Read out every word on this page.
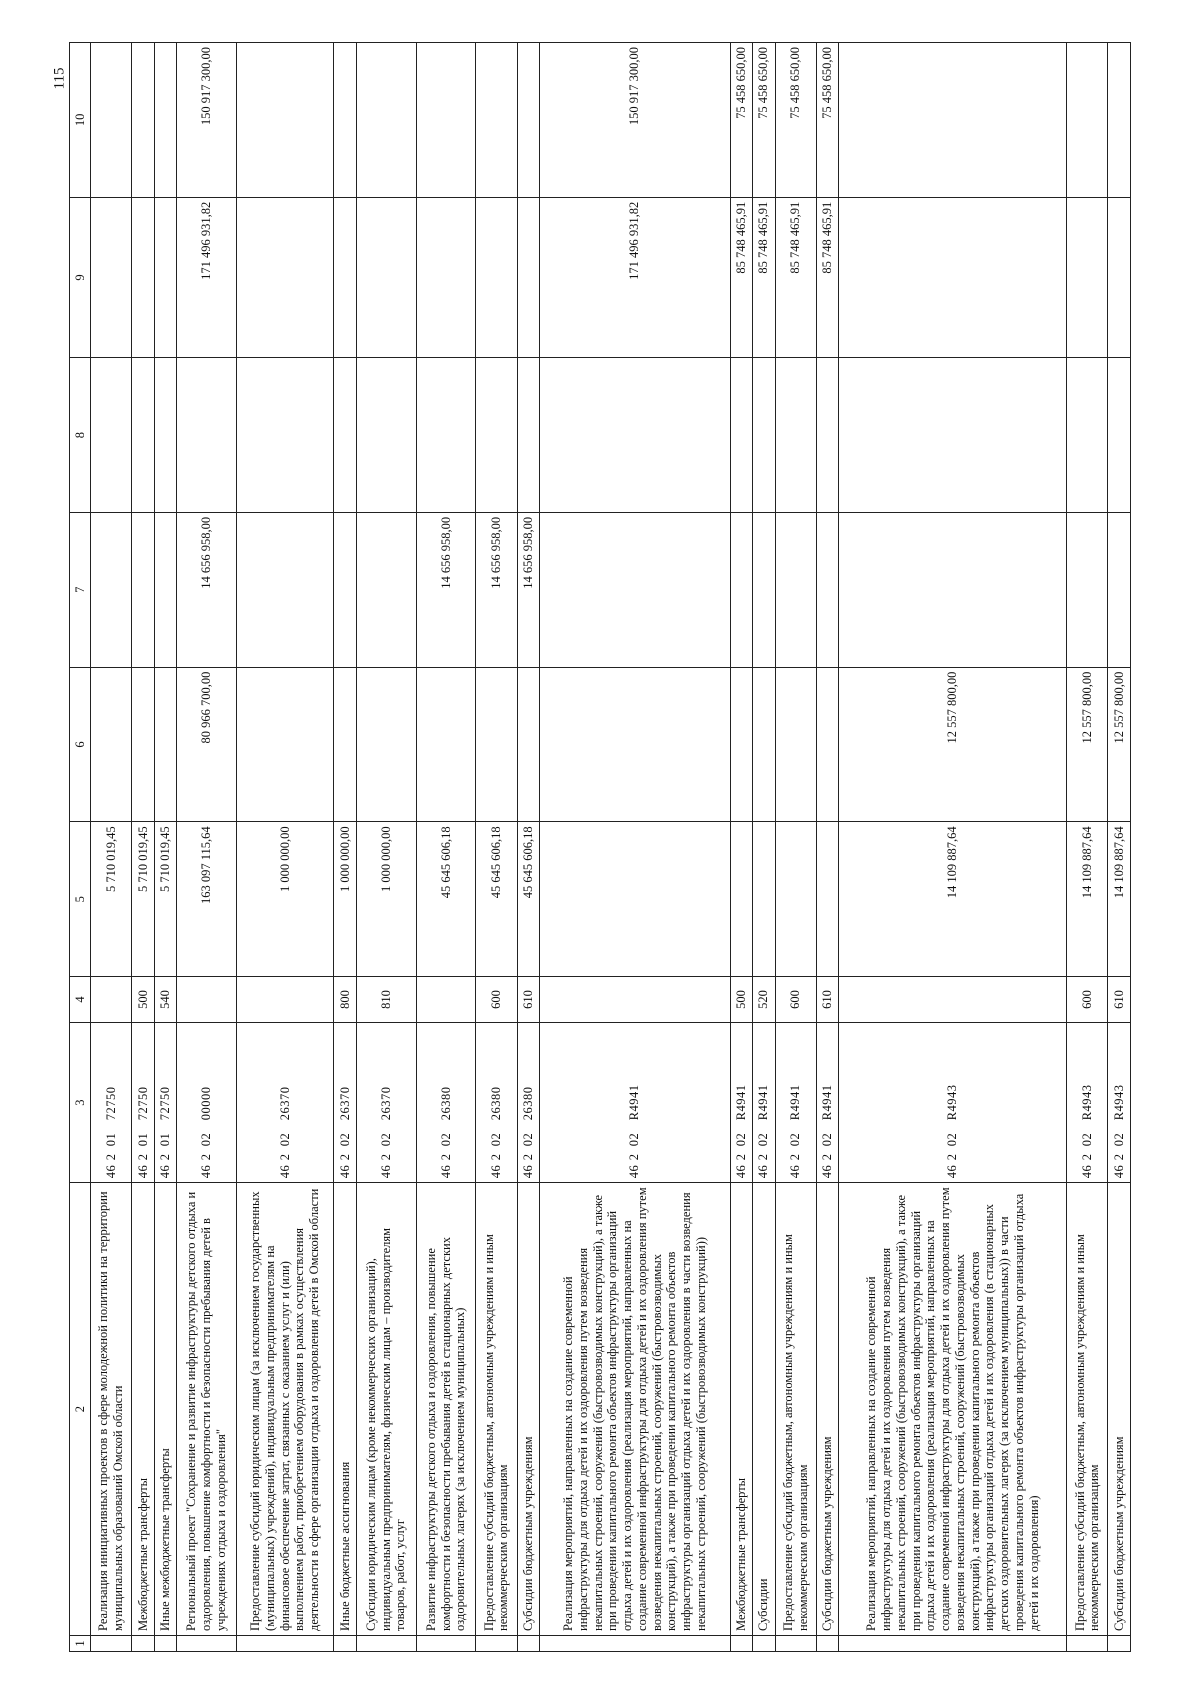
115
1	2	3	4	5	6	7	8	9	10
	Реализация инициативных проектов в сфере молодежной политики на территории муниципальных образований Омской области	4620172750		5 710 019,45					
	Межбюджетные трансферты	4620172750	500	5 710 019,45					
	Иные межбюджетные трансферты	4620172750	540	5 710 019,45					
	Региональный проект "Сохранение и развитие инфраструктуры детского отдыха и оздоровления, повышение комфортности и безопасности пребывания детей в учреждениях отдыха и оздоровления"	4620200000		163 097 115,64	80 966 700,00	14 656 958,00		171 496 931,82	150 917 300,00
	Предоставление субсидий юридическим лицам (за исключением государственных (муниципальных) учреждений), индивидуальным предпринимателям на финансовое обеспечение затрат, связанных с оказанием услуг и (или) выполнением работ, приобретением оборудования в рамках осуществления деятельности в сфере организации отдыха и оздоровления детей в Омской области	4620226370		1 000 000,00					
	Иные бюджетные ассигнования	4620226370	800	1 000 000,00					
	Субсидии юридическим лицам (кроме некоммерческих организаций), индивидуальным предпринимателям, физическим лицам – производителям товаров, работ, услуг	4620226370	810	1 000 000,00					
	Развитие инфраструктуры детского отдыха и оздоровления, повышение комфортности и безопасности пребывания детей в стационарных детских оздоровительных лагерях (за исключением муниципальных)	4620226380		45 645 606,18		14 656 958,00			
	Предоставление субсидий бюджетным, автономным учреждениям и иным некоммерческим организациям	4620226380	600	45 645 606,18		14 656 958,00			
	Субсидии бюджетным учреждениям	4620226380	610	45 645 606,18		14 656 958,00			
	Реализация мероприятий, направленных на создание современной инфраструктуры для отдыха детей и их оздоровления путем возведения некапитальных строений, сооружений (быстровозводимых конструкций), а также при проведении капитального ремонта объектов инфраструктуры организаций отдыха детей и их оздоровления (реализация мероприятий, направленных на создание современной инфраструктуры для отдыха детей и их оздоровления путем возведения некапитальных строений, сооружений (быстровозводимых конструкций), а также при проведении капитального ремонта объектов инфраструктуры организаций отдыха детей и их оздоровления в части возведения некапитальных строений, сооружений (быстровозводимых конструкций))	46202R4941						171 496 931,82	150 917 300,00
	Межбюджетные трансферты	46202R4941	500					85 748 465,91	75 458 650,00
	Субсидии	46202R4941	520					85 748 465,91	75 458 650,00
	Предоставление субсидий бюджетным, автономным учреждениям и иным некоммерческим организациям	46202R4941	600					85 748 465,91	75 458 650,00
	Субсидии бюджетным учреждениям	46202R4941	610					85 748 465,91	75 458 650,00
	Реализация мероприятий, направленных на создание современной инфраструктуры для отдыха детей и их оздоровления путем возведения некапитальных строений, сооружений (быстровозводимых конструкций), а также при проведении капитального ремонта объектов инфраструктуры организаций отдыха детей и их оздоровления (реализация мероприятий, направленных на создание современной инфраструктуры для отдыха детей и их оздоровления путем возведения некапитальных строений, сооружений (быстровозводимых конструкций), а также при проведении капитального ремонта объектов инфраструктуры организаций отдыха детей и их оздоровления (в стационарных детских оздоровительных лагерях (за исключением муниципальных)) в части проведения капитального ремонта объектов инфраструктуры организаций отдыха детей и их оздоровления)	46202R4943		14 109 887,64	12 557 800,00				
	Предоставление субсидий бюджетным, автономным учреждениям и иным некоммерческим организациям	46202R4943	600	14 109 887,64	12 557 800,00				
	Субсидии бюджетным учреждениям	46202R4943	610	14 109 887,64	12 557 800,00				
